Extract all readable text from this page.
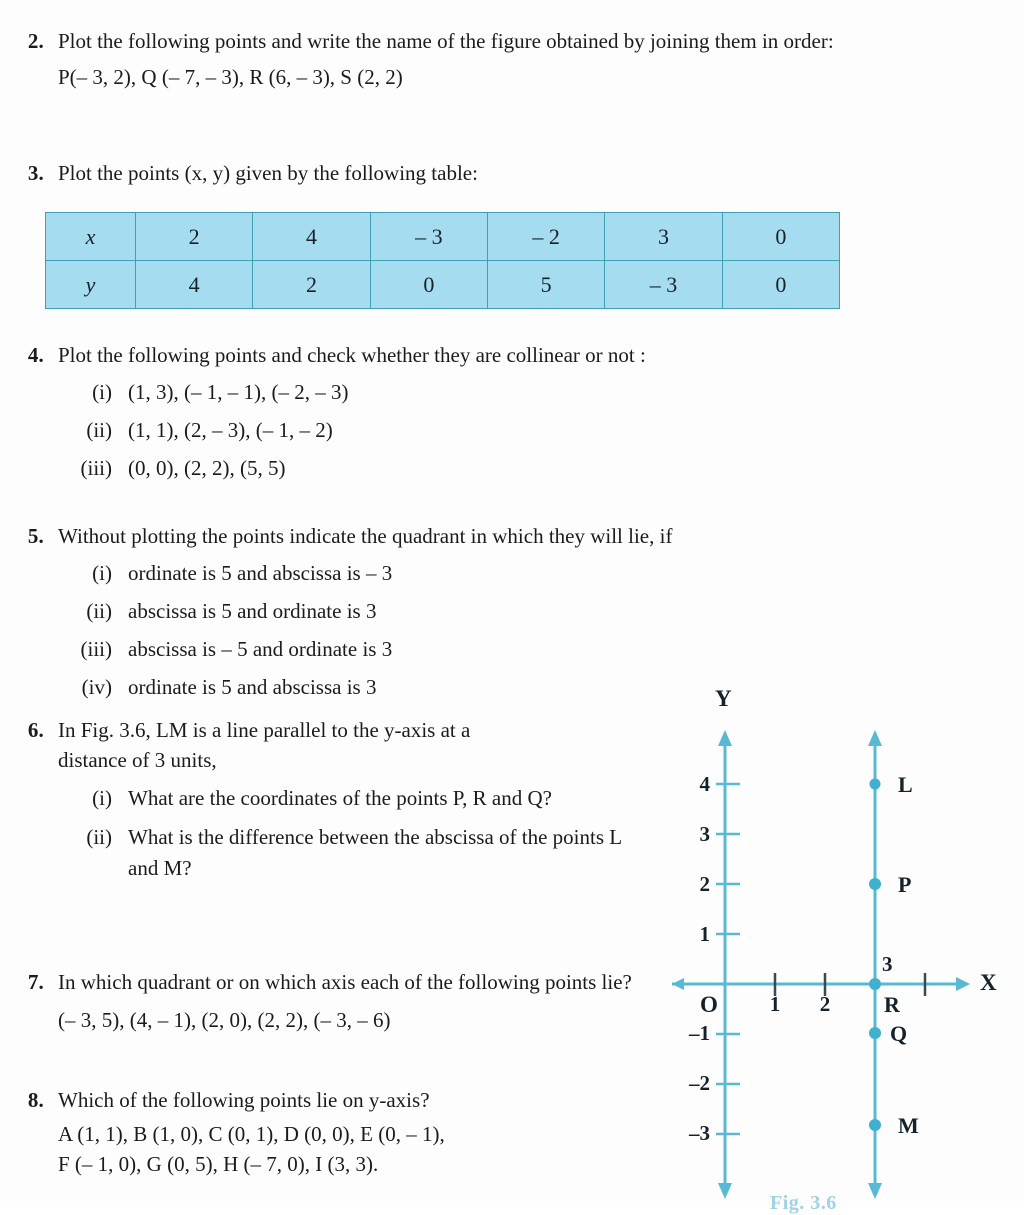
2. Plot the following points and write the name of the figure obtained by joining them in order:
P(– 3, 2), Q (– 7, – 3), R (6, – 3), S (2, 2)
3. Plot the points (x, y) given by the following table:
x	2	4	– 3	– 2	3	0
y	4	2	0	5	– 3	0
4. Plot the following points and check whether they are collinear or not :
(i) (1, 3), (– 1, – 1), (– 2, – 3)
(ii) (1, 1), (2, – 3), (– 1, – 2)
(iii) (0, 0), (2, 2), (5, 5)
5. Without plotting the points indicate the quadrant in which they will lie, if
(i) ordinate is 5 and abscissa is – 3
(ii) abscissa is 5 and ordinate is 3
(iii) abscissa is – 5 and ordinate is 3
(iv) ordinate is 5 and abscissa is 3
6. In Fig. 3.6, LM is a line parallel to the y-axis at a
distance of 3 units,
(i) What are the coordinates of the points P, R and Q?
(ii) What is the difference between the abscissa of the points L and M?
7. In which quadrant or on which axis each of the following points lie?
(– 3, 5), (4, – 1), (2, 0), (2, 2), (– 3, – 6)
8. Which of the following points lie on y-axis?
A (1, 1), B (1, 0), C (0, 1), D (0, 0), E (0, – 1),
F (– 1, 0), G (0, 5), H (– 7, 0), I (3, 3).
Y
X
O
4
3
2
1
–1
–2
–3
1	2
3
L
P
R
Q
M
Fig. 3.6
